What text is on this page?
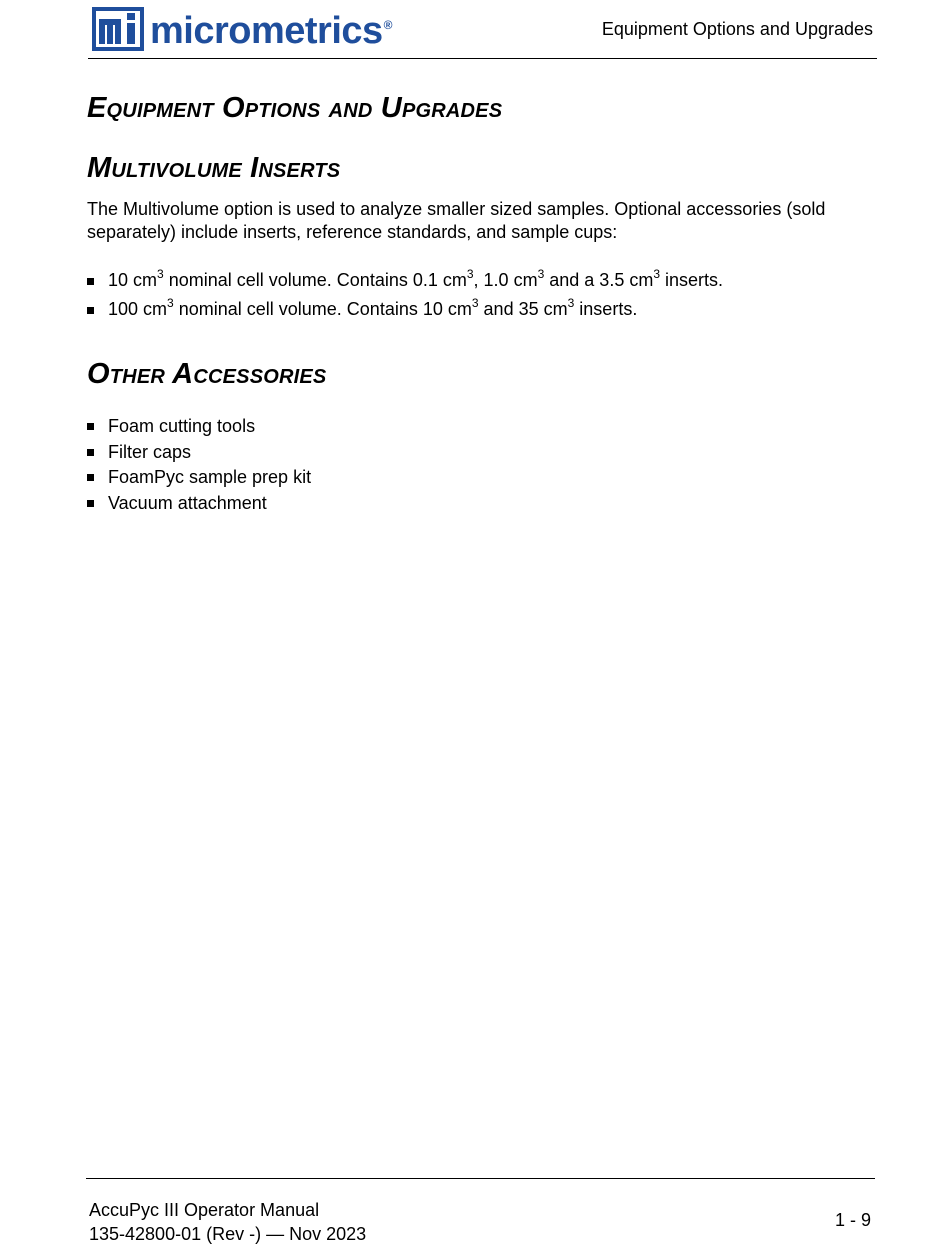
micrometrics®	Equipment Options and Upgrades
Equipment Options and Upgrades
Multivolume Inserts

The Multivolume option is used to analyze smaller sized samples. Optional accessories (sold separately) include inserts, reference standards, and sample cups:

10 $cm^3$ nominal cell volume. Contains 0.1 $cm^3$, 1.0 $cm^3$ and a 3.5 $cm^3$ inserts.
100 $cm^3$ nominal cell volume. Contains 10 $cm^3$ and 35 $cm^3$ inserts.
Other Accessories
Foam cutting tools
Filter caps
FoamPyc sample prep kit
Vacuum attachment
AccuPyc III Operator Manual
135-42800-01 (Rev -) — Nov 2023
1 - 9
